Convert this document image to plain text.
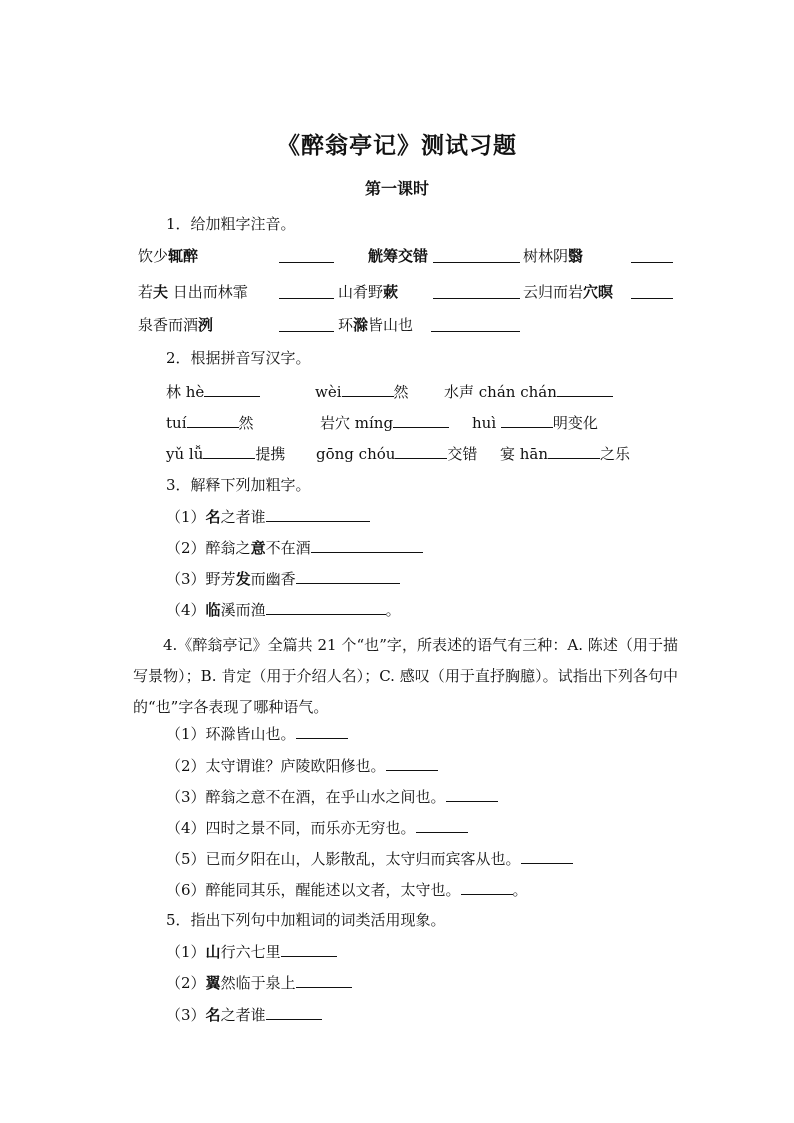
《醉翁亭记》测试习题
第一课时
1．给加粗字注音。
饮少辄醉	觥筹交错	树林阴翳
若夫 日出而林霏	山肴野蔌	云归而岩穴暝
泉香而酒洌	环滁皆山也
2．根据拼音写汉字。
林 hè	wèi	然 水声 chán chán
tuí	然	岩穴 míng	huì	明变化
yǔ lǚ	提携 gōng chóu	交错 宴 hān	之乐
3．解释下列加粗字。
（1）名之者谁
（2）醉翁之意不在酒
（3）野芳发而幽香
（4）临溪而渔	。
4.《醉翁亭记》全篇共 21 个“也”字，所表述的语气有三种：A. 陈述（用于描写景物）；B. 肯定（用于介绍人名）；C. 感叹（用于直抒胸臆）。试指出下列各句中的“也”字各表现了哪种语气。
（1）环滁皆山也。
（2）太守谓谁？庐陵欧阳修也。
（3）醉翁之意不在酒，在乎山水之间也。
（4）四时之景不同，而乐亦无穷也。
（5）已而夕阳在山，人影散乱，太守归而宾客从也。
（6）醉能同其乐，醒能述以文者，太守也。	。
5．指出下列句中加粗词的词类活用现象。
（1）山行六七里
（2）翼然临于泉上
（3）名之者谁
